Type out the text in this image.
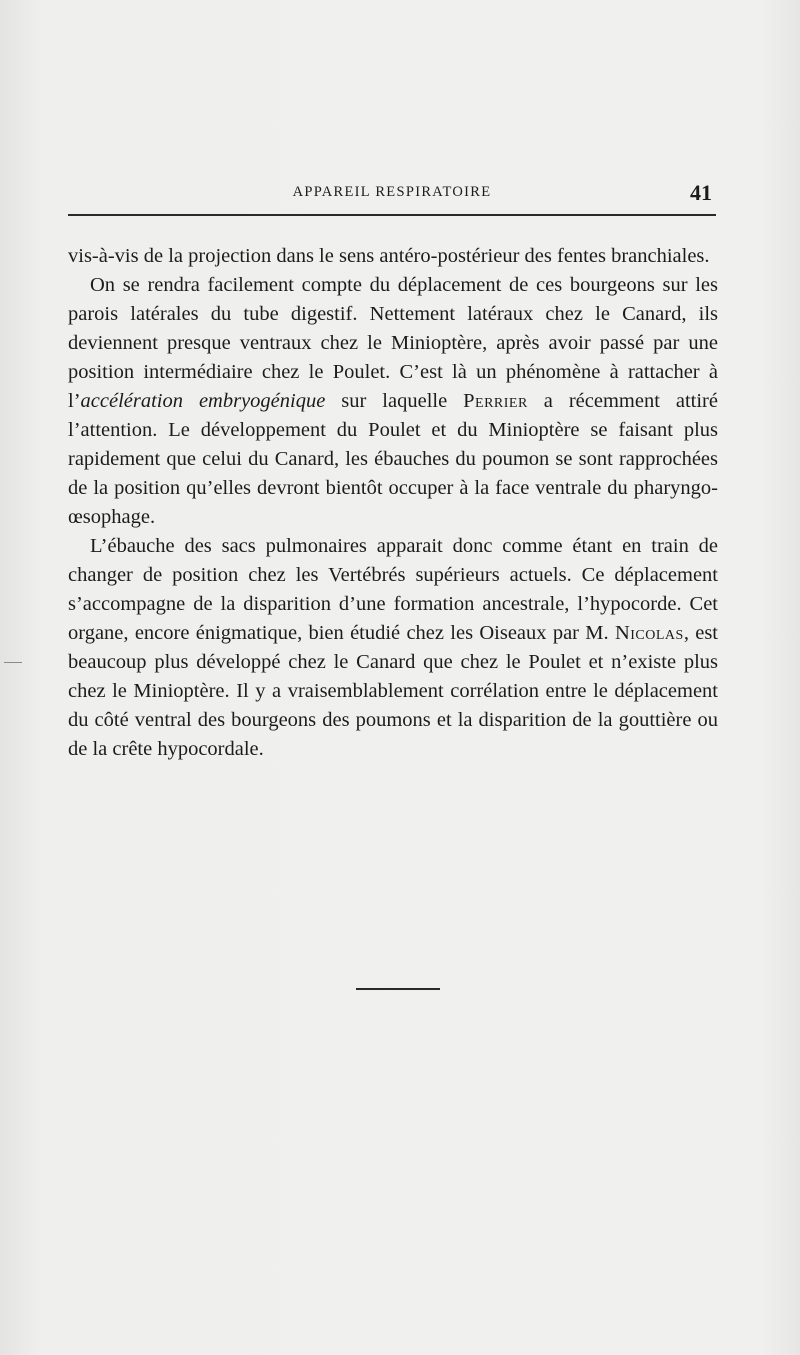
APPAREIL RESPIRATOIRE	41

vis-à-vis de la projection dans le sens antéro-postérieur des fentes branchiales.

On se rendra facilement compte du déplacement de ces bourgeons sur les parois latérales du tube digestif. Nettement latéraux chez le Canard, ils deviennent presque ventraux chez le Minioptère, après avoir passé par une position intermédiaire chez le Poulet. C’est là un phénomène à rattacher à l’accélération embryogénique sur laquelle Perrier a récemment attiré l’attention. Le développement du Poulet et du Minioptère se faisant plus rapidement que celui du Canard, les ébauches du poumon se sont rapprochées de la position qu’elles devront bientôt occuper à la face ventrale du pharyngo-œsophage.

L’ébauche des sacs pulmonaires apparait donc comme étant en train de changer de position chez les Vertébrés supérieurs actuels. Ce déplacement s’accompagne de la disparition d’une formation ancestrale, l’hypocorde. Cet organe, encore énigmatique, bien étudié chez les Oiseaux par M. Nicolas, est beaucoup plus développé chez le Canard que chez le Poulet et n’existe plus chez le Minioptère. Il y a vraisemblablement corrélation entre le déplacement du côté ventral des bourgeons des poumons et la disparition de la gouttière ou de la crête hypocordale.
